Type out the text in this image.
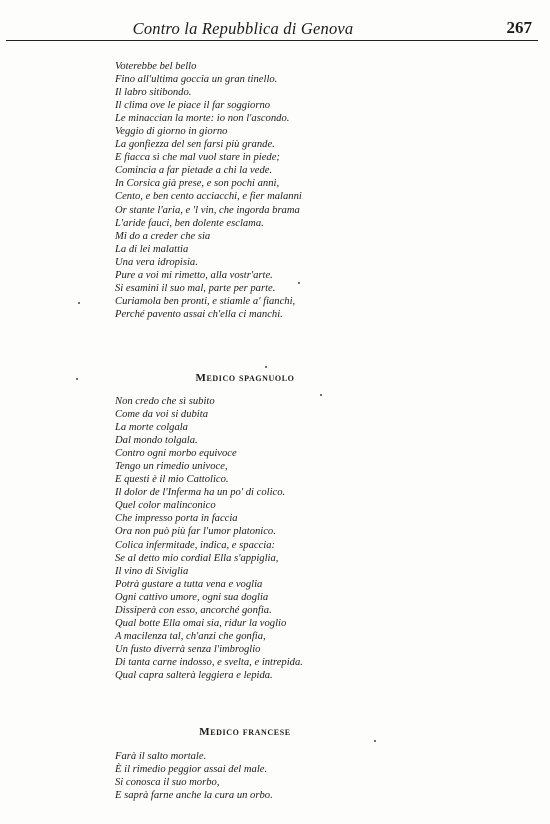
Contro la Repubblica di Genova	267
Voterebbe bel bello
Fino all'ultima goccia un gran tinello.
Il labro sitibondo.
Il clima ove le piace il far soggiorno
Le minaccian la morte: io non l'ascondo.
Veggio di giorno in giorno
La gonfiezza del sen farsi più grande.
E fiacca sì che mal vuol stare in piede;
Comincia a far pietade a chi la vede.
In Corsica già prese, e son pochi anni,
Cento, e ben cento acciacchi, e fier malanni
Or stante l'aria, e 'l vin, che ingorda brama
L'aride fauci, ben dolente esclama.
Mi do a creder che sia
La di lei malattia
Una vera idropisia.
Pure a voi mi rimetto, alla vostr'arte.
Si esamini il suo mal, parte per parte.
Curiamola ben pronti, e stiamle a' fianchi,
Perché pavento assai ch'ella ci manchi.
Medico spagnuolo
Non credo che sì subito
Come da voi si dubita
La morte colgala
Dal mondo tolgala.
Contro ogni morbo equivoce
Tengo un rimedio univoce,
E questi è il mio Cattolico.
Il dolor de l'Inferma ha un po' di colico.
Quel color malinconico
Che impresso porta in faccia
Ora non può più far l'umor platonico.
Colica infermitade, indica, e spaccia:
Se al detto mio cordial Ella s'appiglia,
Il vino di Siviglia
Potrà gustare a tutta vena e voglia
Ogni cattivo umore, ogni sua doglia
Dissiperà con esso, ancorché gonfia.
Qual botte Ella omai sia, ridur la voglio
A macilenza tal, ch'anzi che gonfia,
Un fusto diverrà senza l'imbroglio
Di tanta carne indosso, e svelta, e intrepida.
Qual capra salterà leggiera e lepida.
Medico francese
Farà il salto mortale.
È il rimedio peggior assai del male.
Si conosca il suo morbo,
E saprà farne anche la cura un orbo.
